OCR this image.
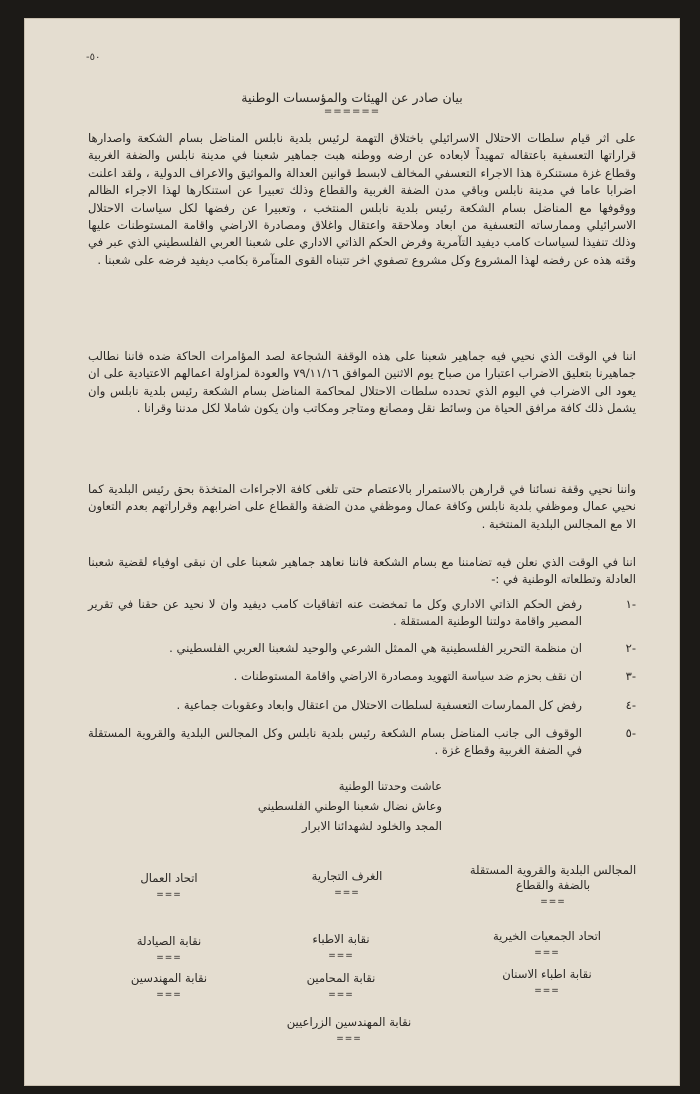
-٥٠
بيان صادر عن الهيئات والمؤسسات الوطنية
======
على اثر قيام سلطات الاحتلال الاسرائيلي باختلاق التهمة لرئيس بلدية نابلس المناضل بسام الشكعة واصدارها قراراتها التعسفية باعتقاله تمهيداً لابعاده عن ارضه ووطنه هبت جماهير شعبنا في مدينة نابلس والضفة الغربية وقطاع غزة مستنكرة هذا الاجراء التعسفي المخالف لابسط قوانين العدالة والمواثيق والاعراف الدولية ، ولقد اعلنت اضرابا عاما في مدينة نابلس وباقي مدن الضفة الغربية والقطاع وذلك تعبيرا عن استنكارها لهذا الاجراء الظالم ووقوفها مع المناضل بسام الشكعة رئيس بلدية نابلس المنتخب ، وتعبيرا عن رفضها لكل سياسات الاحتلال الاسرائيلي وممارساته التعسفية من ابعاد وملاحقة واعتقال واغلاق ومصادرة الاراضي واقامة المستوطنات عليها وذلك تنفيذا لسياسات كامب ديفيد التآمرية وفرض الحكم الذاتي الاداري على شعبنا العربي الفلسطيني الذي عبر في وقته هذه عن رفضه لهذا المشروع وكل مشروع تصفوي اخر تتبناه القوى المتآمرة بكامب ديفيد فرضه على شعبنا .
اننا في الوقت الذي نحيي فيه جماهير شعبنا على هذه الوقفة الشجاعة لصد المؤامرات الحاكة ضده فاننا نطالب جماهيرنا بتعليق الاضراب اعتبارا من صباح يوم الاثنين الموافق ٧٩/١١/١٦ والعودة لمزاولة اعمالهم الاعتيادية على ان يعود الى الاضراب في اليوم الذي تحدده سلطات الاحتلال لمحاكمة المناضل بسام الشكعة رئيس بلدية نابلس وان يشمل ذلك كافة مرافق الحياة من وسائط نقل ومصانع ومتاجر ومكاتب وان يكون شاملا لكل مدننا وقرانا .
واننا نحيي وقفة نسائنا في قرارهن بالاستمرار بالاعتصام حتى تلغى كافة الاجراءات المتخذة بحق رئيس البلدية كما نحيي عمال وموظفي بلدية نابلس وكافة عمال وموظفي مدن الضفة والقطاع على اضرابهم وقراراتهم بعدم التعاون الا مع المجالس البلدية المنتخبة .
اننا في الوقت الذي نعلن فيه تضامننا مع بسام الشكعة فاننا نعاهد جماهير شعبنا على ان نبقى اوفياء لقضية شعبنا العادلة وتطلعاته الوطنية في :-
-١
رفض الحكم الذاتي الاداري وكل ما تمخضت عنه اتفاقيات كامب ديفيد وان لا نحيد عن حقنا في تقرير المصير واقامة دولتنا الوطنية المستقلة .
-٢
ان منظمة التحرير الفلسطينية هي الممثل الشرعي والوحيد لشعبنا العربي الفلسطيني .
-٣
ان نقف بحزم ضد سياسة التهويد ومصادرة الاراضي واقامة المستوطنات .
-٤
رفض كل الممارسات التعسفية لسلطات الاحتلال من اعتقال وابعاد وعقوبات جماعية .
-٥
الوقوف الى جانب المناضل بسام الشكعة رئيس بلدية نابلس وكل المجالس البلدية والقروية المستقلة في الضفة الغربية وقطاع غزة .
عاشت وحدتنا الوطنية
وعاش نضال شعبنا الوطني الفلسطيني
المجد والخلود لشهدائنا الابرار
المجالس البلدية والقروية المستقلة بالضفة والقطاع
===
الغرف التجارية
===
اتحاد العمال
===
اتحاد الجمعيات الخيرية
===
نقابة الاطباء
===
نقابة الصيادلة
===
نقابة اطباء الاسنان
===
نقابة المحامين
===
نقابة المهندسين
===
نقابة المهندسين الزراعيين
===
